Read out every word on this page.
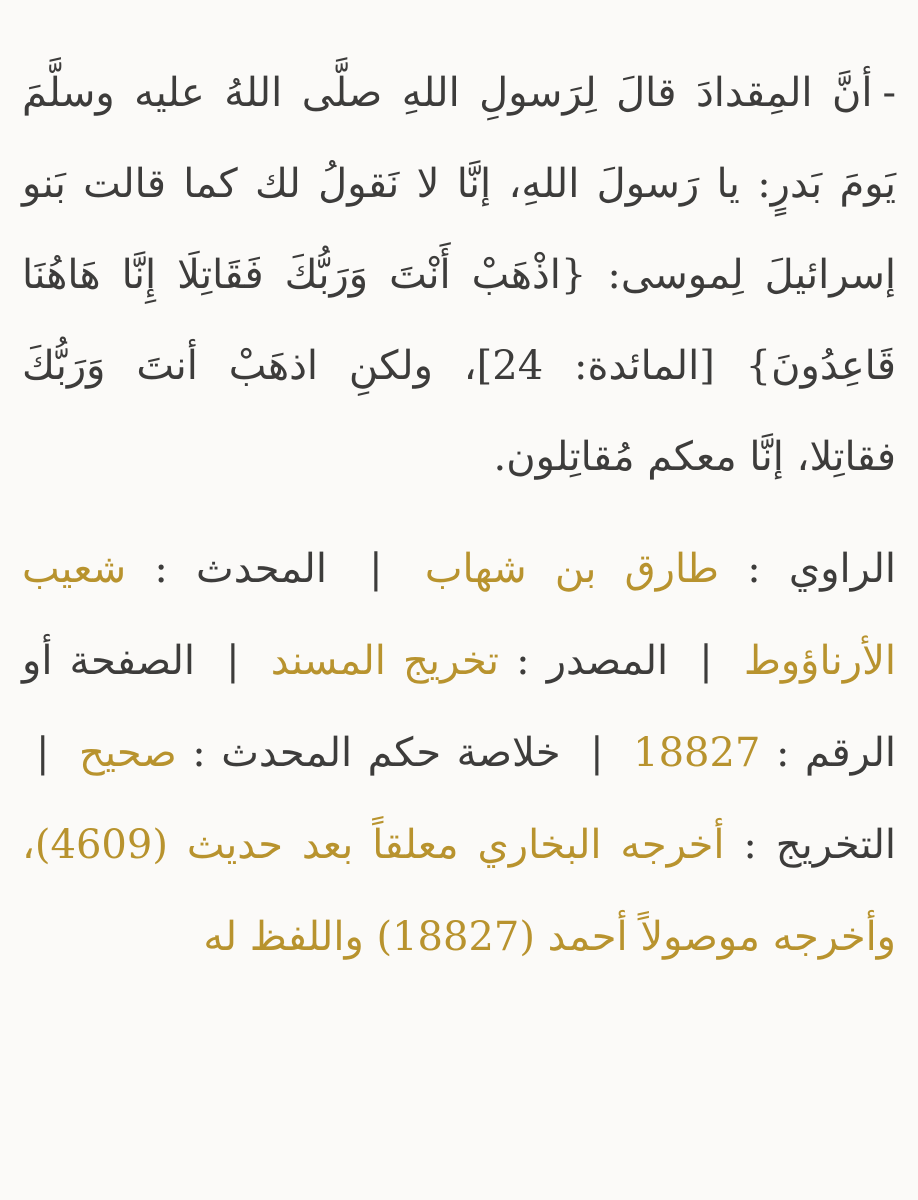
-أنَّ المِقدادَ قالَ لِرَسولِ اللهِ صلَّى اللهُ عليه وسلَّمَ يَومَ بَدرٍ: يا رَسولَ اللهِ، إنَّا لا نَقولُ لك كما قالت بَنو إسرائيلَ لِموسى: {اذْهَبْ أَنْتَ وَرَبُّكَ فَقَاتِلَا إِنَّا هَاهُنَا قَاعِدُونَ} [المائدة: 24]، ولكنِ اذهَبْ أنتَ وَرَبُّكَ فقاتِلا، إنَّا معكم مُقاتِلون.

الراوي : طارق بن شهاب | المحدث : شعيب الأرناؤوط | المصدر : تخريج المسند | الصفحة أو الرقم : 18827 | خلاصة حكم المحدث : صحيح | التخريج : أخرجه البخاري معلقاً بعد حديث (4609)، وأخرجه موصولاً أحمد (18827) واللفظ له
